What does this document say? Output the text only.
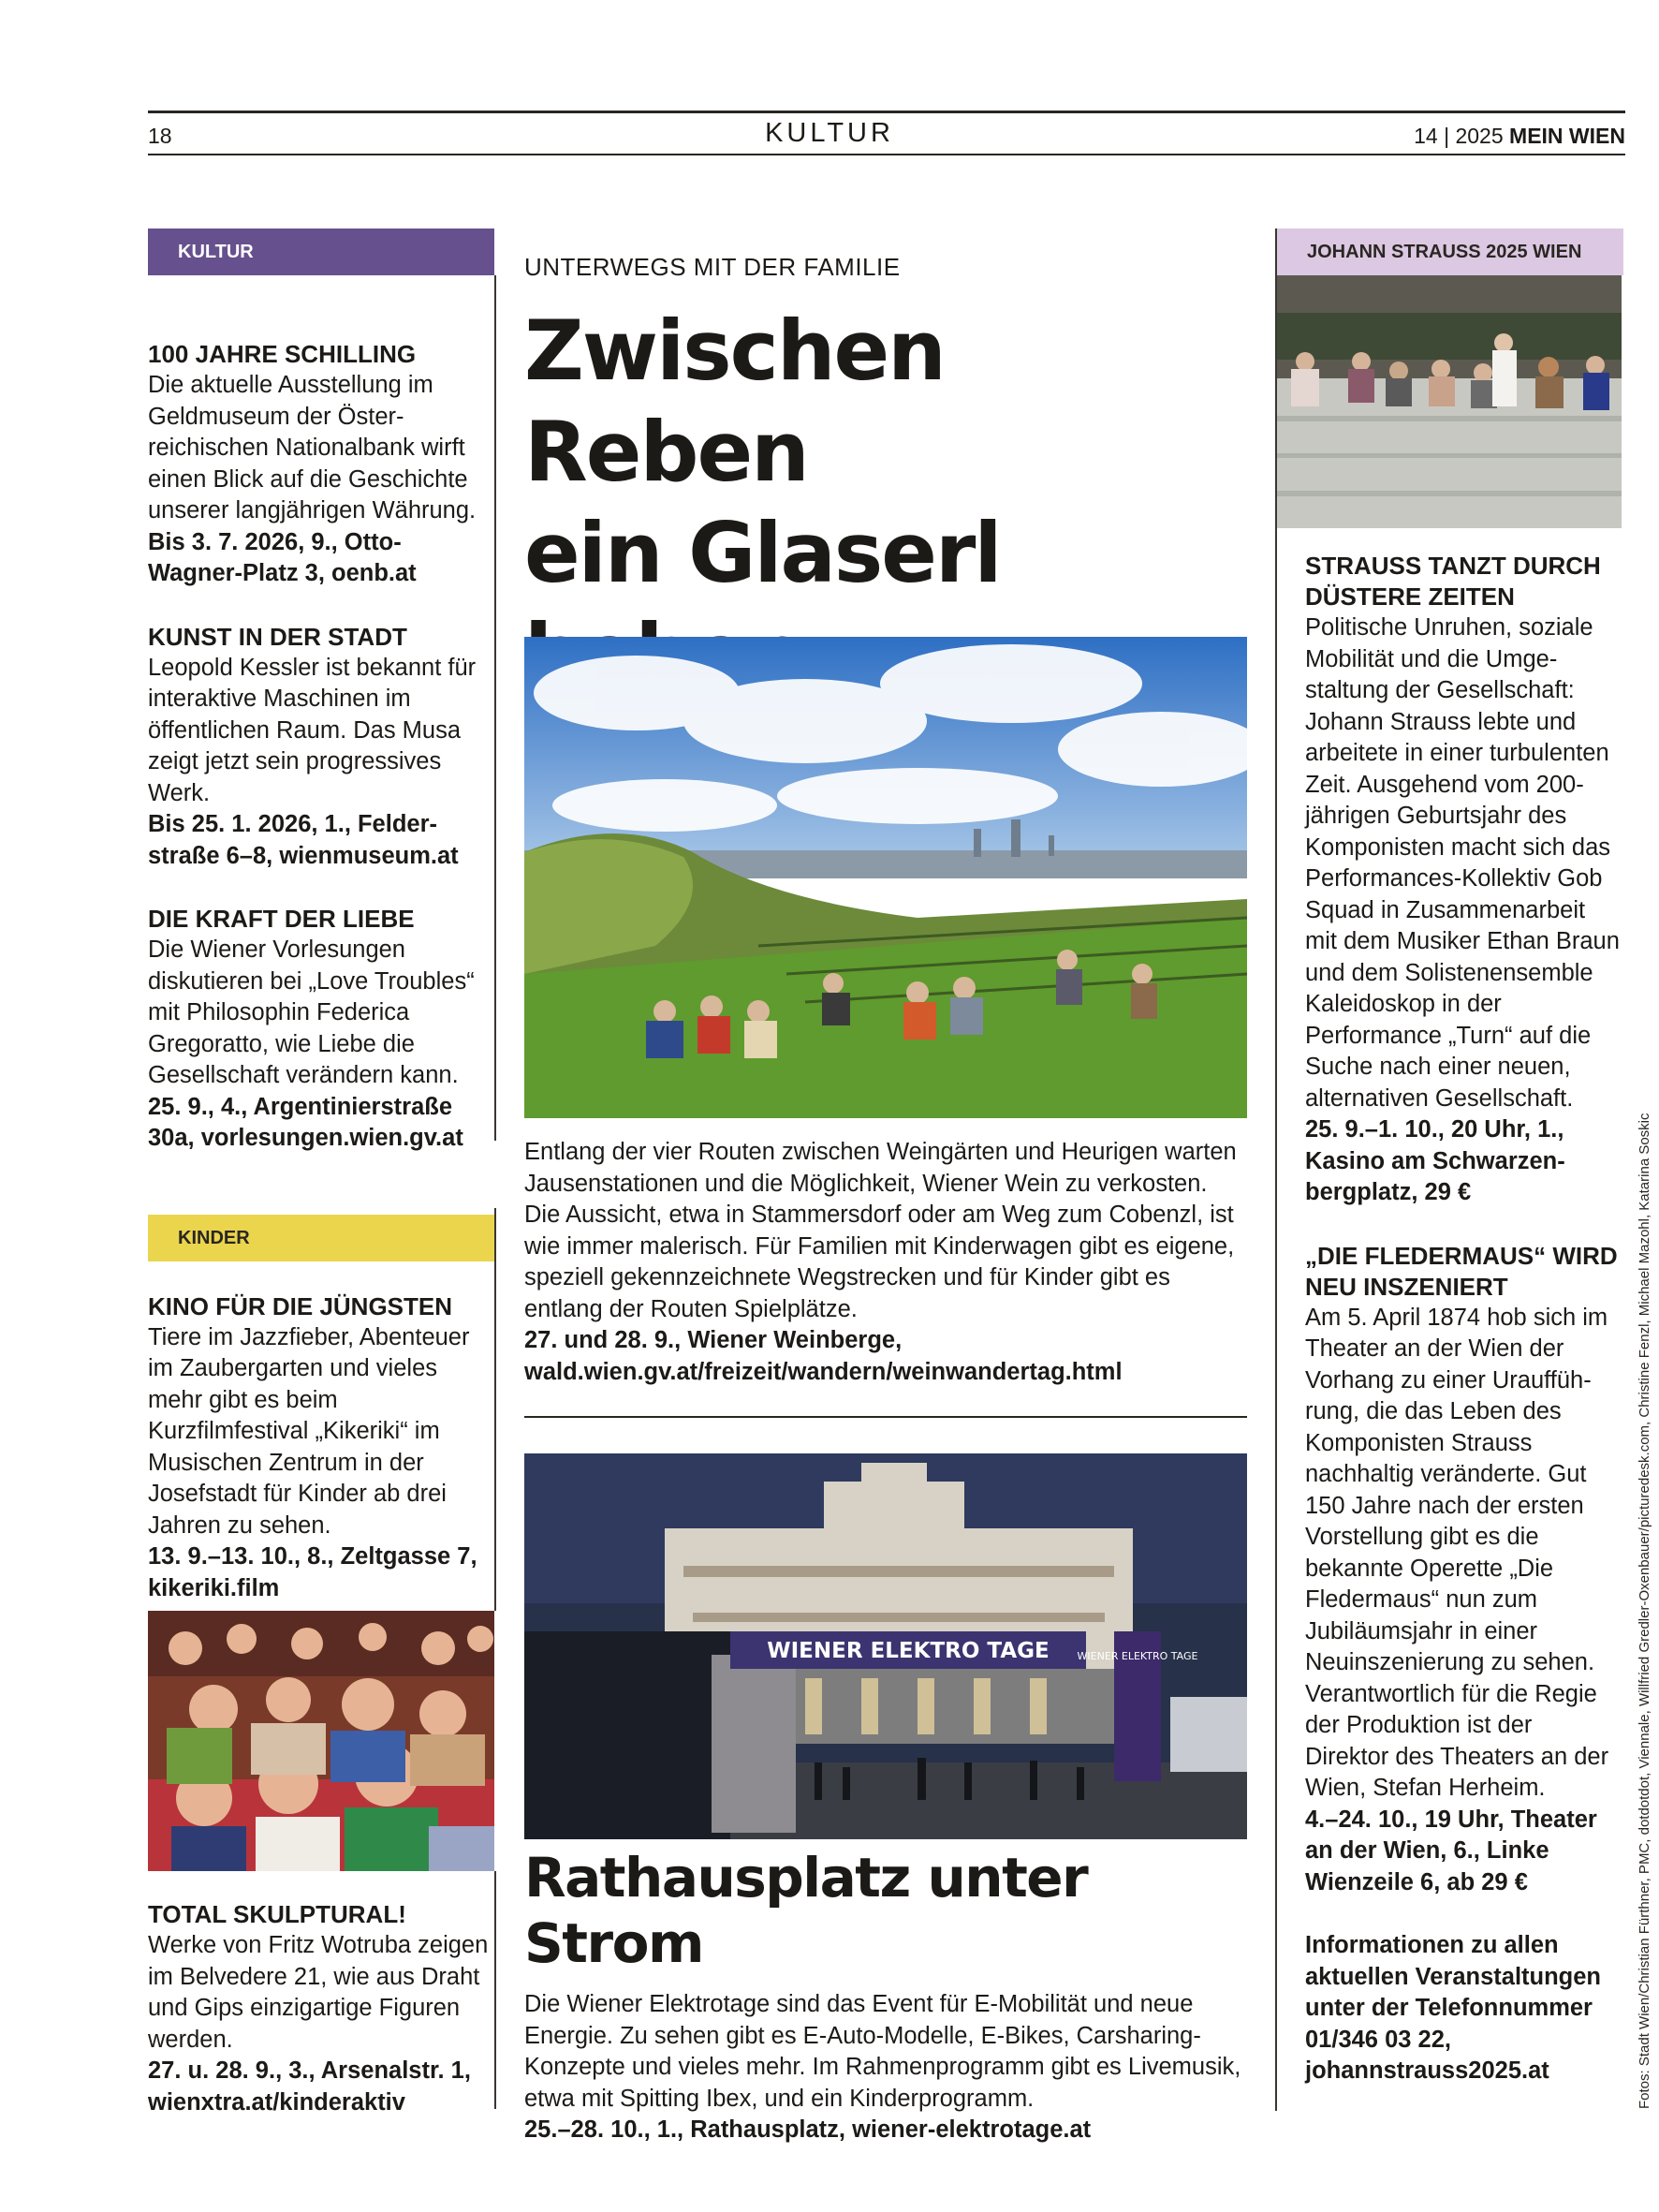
18	KULTUR	14 | 2025 MEIN WIEN
KULTUR

100 JAHRE SCHILLING

Die aktuelle Ausstellung im Geldmuseum der Österreichischen Nationalbank wirft einen Blick auf die Geschichte unserer langjährigen Währung.

Bis 3. 7. 2026, 9., Otto-Wagner-Platz 3, oenb.at

KUNST IN DER STADT

Leopold Kessler ist bekannt für interaktive Maschinen im öffentlichen Raum. Das Musa zeigt jetzt sein progressives Werk.

Bis 25. 1. 2026, 1., Felderstraße 6–8, wienmuseum.at

DIE KRAFT DER LIEBE

Die Wiener Vorlesungen diskutieren bei „Love Troubles“ mit Philosophin Federica Gregoratto, wie Liebe die Gesellschaft verändern kann.

25. 9., 4., Argentinierstraße 30a, vorlesungen.wien.gv.at

KINDER

KINO FÜR DIE JÜNGSTEN

Tiere im Jazzfieber, Abenteuer im Zaubergarten und vieles mehr gibt es beim Kurzfilmfestival „Kikeriki“ im Musischen Zentrum in der Josefstadt für Kinder ab drei Jahren zu sehen.

13. 9.–13. 10., 8., Zeltgasse 7, kikeriki.film

TOTAL SKULPTURAL!

Werke von Fritz Wotruba zeigen im Belvedere 21, wie aus Draht und Gips einzigartige Figuren werden.

27. u. 28. 9., 3., Arsenalstr. 1, wienxtra.at/kinderaktiv

UNTERWEGS MIT DER FAMILIE

Zwischen Reben
ein Glaserl

Entlang der vier Routen zwischen Weingärten und Heurigen warten Jausenstationen und die Möglichkeit, Wiener Wein zu verkosten. Die Aussicht, etwa in Stammersdorf oder am Weg zum Cobenzl, ist wie immer malerisch. Für Familien mit Kinderwagen gibt es eigene, speziell gekennzeichnete Wegstrecken und für Kinder gibt es entlang der Routen Spielplätze.

27. und 28. 9., Wiener Weinberge,

wald.wien.gv.at/freizeit/wandern/weinwandertag.html

WIENER ELEKTRO TAGE	WIENER ELEKTRO TAGE
Rathausplatz unter Strom

Die Wiener Elektrotage sind das Event für E-Mobilität und neue Energie. Zu sehen gibt es E-Auto-Modelle, E-Bikes, Carsharing-Konzepte und vieles mehr. Im Rahmenprogramm gibt es Livemusik, etwa mit Spitting Ibex, und ein Kinderprogramm.

25.–28. 10., 1., Rathausplatz, wiener-elektrotage.at

JOHANN STRAUSS 2025 WIEN

STRAUSS TANZT DURCH DÜSTERE ZEITEN

Politische Unruhen, soziale Mobilität und die Umgestaltung der Gesellschaft: Johann Strauss lebte und arbeitete in einer turbulenten Zeit. Ausgehend vom 200-jährigen Geburtsjahr des Komponisten macht sich das Performances-Kollektiv Gob Squad in Zusammenarbeit mit dem Musiker Ethan Braun und dem Solistenensemble Kaleidoskop in der Performance „Turn“ auf die Suche nach einer neuen, alternativen Gesellschaft.

25. 9.–1. 10., 20 Uhr, 1., Kasino am Schwarzenbergplatz, 29 €

„DIE FLEDERMAUS“ WIRD NEU INSZENIERT

Am 5. April 1874 hob sich im Theater an der Wien der Vorhang zu einer Uraufführung, die das Leben des Komponisten Strauss nachhaltig veränderte. Gut 150 Jahre nach der ersten Vorstellung gibt es die bekannte Operette „Die Fledermaus“ nun zum Jubiläumsjahr in einer Neuinszenierung zu sehen. Verantwortlich für die Regie der Produktion ist der Direktor des Theaters an der Wien, Stefan Herheim.

4.–24. 10., 19 Uhr, Theater an der Wien, 6., Linke Wienzeile 6, ab 29 €

Informationen zu allen aktuellen Veranstaltungen unter der Telefonnummer 01/346 03 22, johannstrauss2025.at	Fotos: Stadt Wien/Christian Fürthner, PMC, dotdotdot, Viennale, Willfried Gredler-Oxenbauer/picturedesk.com, Christine Fenzl, Michael Mazohl, Katarina Soskic
